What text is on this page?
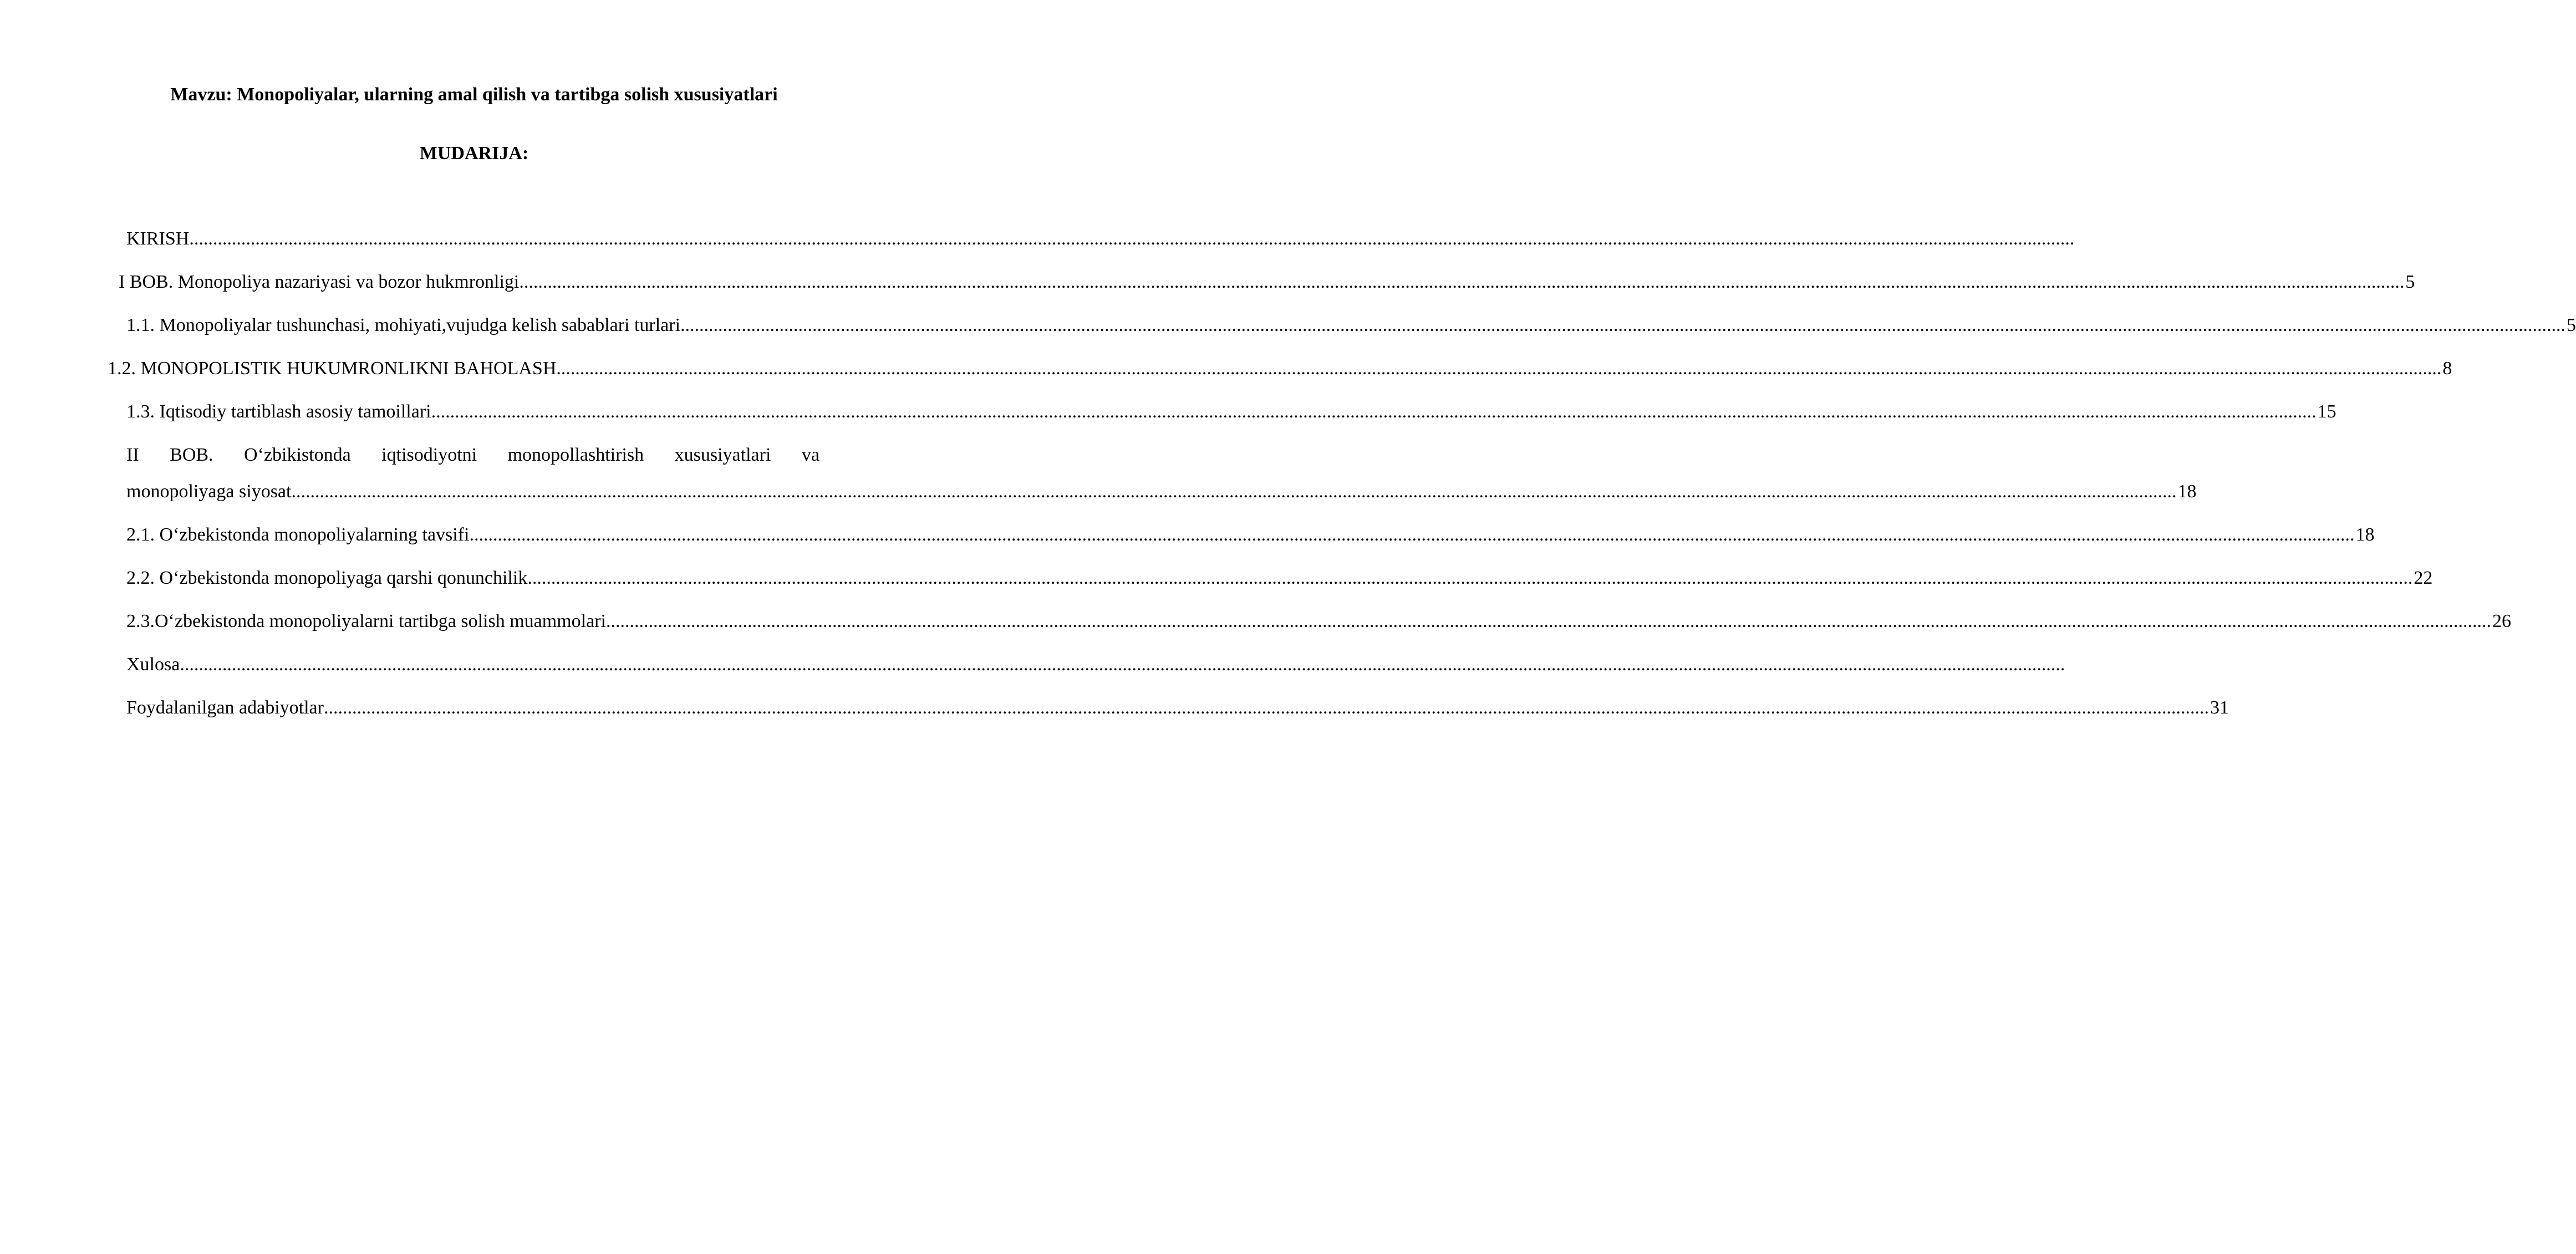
Mavzu: Monopoliyalar, ularning amal qilish va tartibga solish xususiyatlari
MUDARIJA:
KIRISH ................................................................................................................................................................................................................................................................................................................................................................................................................
I BOB. Monopoliya nazariyasi va bozor hukmronligi ................................................................................................................................................................................................................................................................................................................................................................................................................ 5
1.1. Monopoliyalar tushunchasi, mohiyati,vujudga kelish sabablari turlari ................................................................................................................................................................................................................................................................................................................................................................................................................ 5
1.2. MONOPOLISTIK HUKUMRONLIKNI BAHOLASH ................................................................................................................................................................................................................................................................................................................................................................................................................ 8
1.3. Iqtisodiy tartiblash asosiy tamoillari ................................................................................................................................................................................................................................................................................................................................................................................................................ 15
II BOB. O‘zbikistonda iqtisodiyotni monopollashtirish xususiyatlari va
monopoliyaga siyosat ................................................................................................................................................................................................................................................................................................................................................................................................................ 18
2.1. O‘zbekistonda monopoliyalarning tavsifi ................................................................................................................................................................................................................................................................................................................................................................................................................ 18
2.2. O‘zbekistonda monopoliyaga qarshi qonunchilik ................................................................................................................................................................................................................................................................................................................................................................................................................ 22
2.3.O‘zbekistonda monopoliyalarni tartibga solish muammolari ................................................................................................................................................................................................................................................................................................................................................................................................................ 26
Xulosa ................................................................................................................................................................................................................................................................................................................................................................................................................
Foydalanilgan adabiyotlar ................................................................................................................................................................................................................................................................................................................................................................................................................ 31
